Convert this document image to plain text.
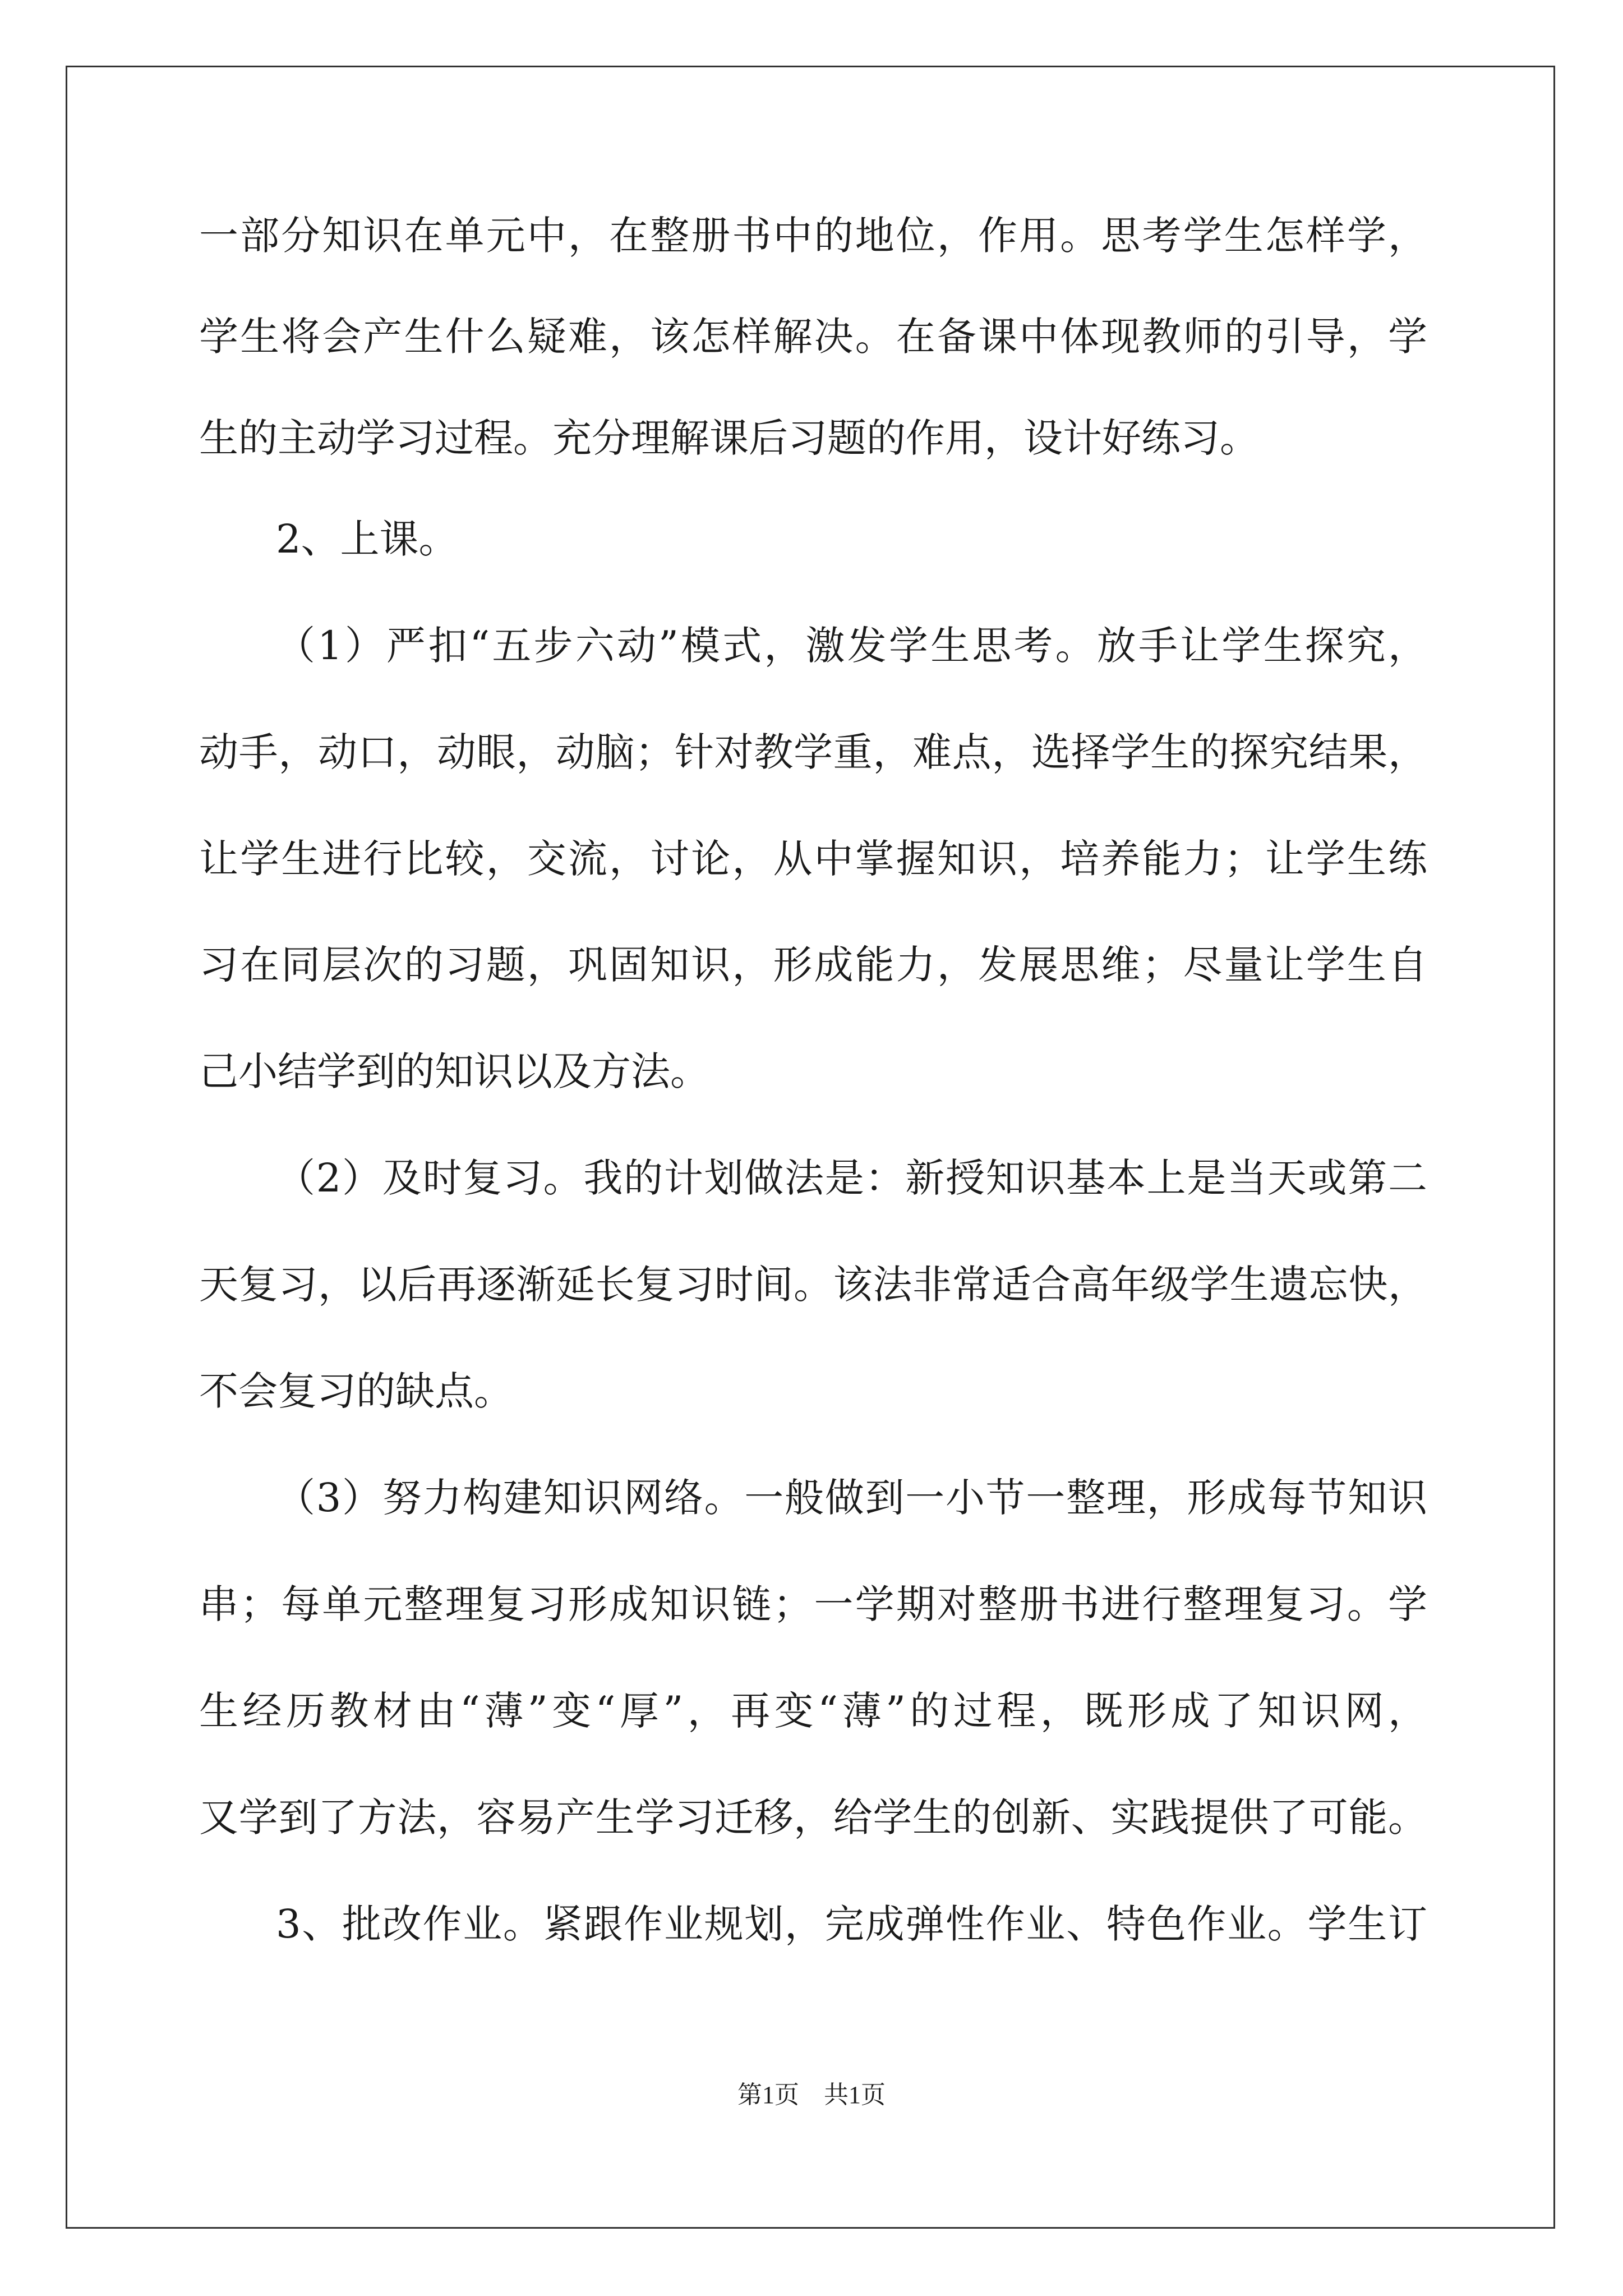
一部分知识在单元中，在整册书中的地位，作用。思考学生怎样学，
学生将会产生什么疑难，该怎样解决。在备课中体现教师的引导，学
生的主动学习过程。充分理解课后习题的作用，设计好练习。
2、上课。
（1）严扣“五步六动”模式，激发学生思考。放手让学生探究，
动手，动口，动眼，动脑；针对教学重，难点，选择学生的探究结果，
让学生进行比较，交流，讨论，从中掌握知识，培养能力；让学生练
习在同层次的习题，巩固知识，形成能力，发展思维；尽量让学生自
己小结学到的知识以及方法。
（2）及时复习。我的计划做法是：新授知识基本上是当天或第二
天复习，以后再逐渐延长复习时间。该法非常适合高年级学生遗忘快，
不会复习的缺点。
（3）努力构建知识网络。一般做到一小节一整理，形成每节知识
串；每单元整理复习形成知识链；一学期对整册书进行整理复习。学
生经历教材由“薄”变“厚”，再变“薄”的过程，既形成了知识网，
又学到了方法，容易产生学习迁移，给学生的创新、实践提供了可能。
3、批改作业。紧跟作业规划，完成弹性作业、特色作业。学生订
第1页 共1页
